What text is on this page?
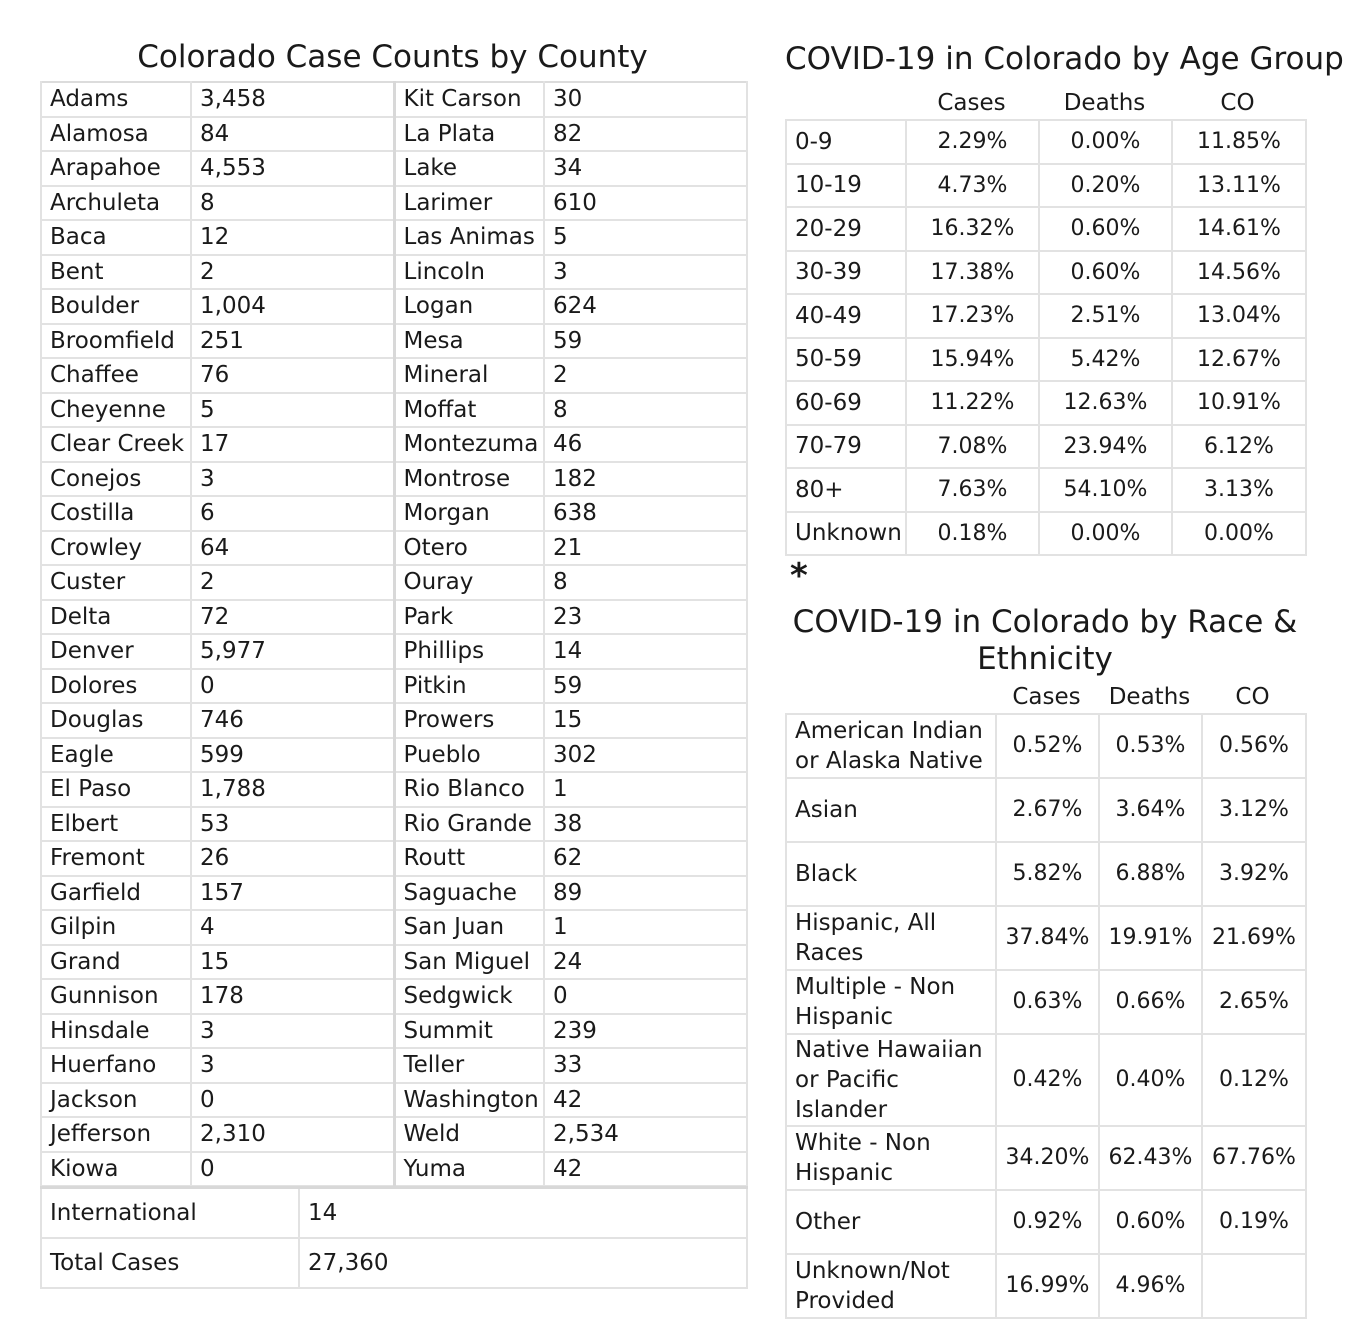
Colorado Case Counts by County
Adams	3,458	Kit Carson	30
Alamosa	84	La Plata	82
Arapahoe	4,553	Lake	34
Archuleta	8	Larimer	610
Baca	12	Las Animas	5
Bent	2	Lincoln	3
Boulder	1,004	Logan	624
Broomfield	251	Mesa	59
Chaffee	76	Mineral	2
Cheyenne	5	Moffat	8
Clear Creek	17	Montezuma	46
Conejos	3	Montrose	182
Costilla	6	Morgan	638
Crowley	64	Otero	21
Custer	2	Ouray	8
Delta	72	Park	23
Denver	5,977	Phillips	14
Dolores	0	Pitkin	59
Douglas	746	Prowers	15
Eagle	599	Pueblo	302
El Paso	1,788	Rio Blanco	1
Elbert	53	Rio Grande	38
Fremont	26	Routt	62
Garfield	157	Saguache	89
Gilpin	4	San Juan	1
Grand	15	San Miguel	24
Gunnison	178	Sedgwick	0
Hinsdale	3	Summit	239
Huerfano	3	Teller	33
Jackson	0	Washington	42
Jefferson	2,310	Weld	2,534
Kiowa	0	Yuma	42
International	14
Total Cases	27,360
COVID-19 in Colorado by Age Group
Cases	Deaths	CO
0-9	2.29%	0.00%	11.85%
10-19	4.73%	0.20%	13.11%
20-29	16.32%	0.60%	14.61%
30-39	17.38%	0.60%	14.56%
40-49	17.23%	2.51%	13.04%
50-59	15.94%	5.42%	12.67%
60-69	11.22%	12.63%	10.91%
70-79	7.08%	23.94%	6.12%
80+	7.63%	54.10%	3.13%
Unknown	0.18%	0.00%	0.00%
*
COVID-19 in Colorado by Race &
Ethnicity
Cases	Deaths	CO
American Indian or Alaska Native	0.52%	0.53%	0.56%
Asian	2.67%	3.64%	3.12%
Black	5.82%	6.88%	3.92%
Hispanic, All Races	37.84%	19.91%	21.69%
Multiple - Non Hispanic	0.63%	0.66%	2.65%
Native Hawaiian or Pacific Islander	0.42%	0.40%	0.12%
White - Non Hispanic	34.20%	62.43%	67.76%
Other	0.92%	0.60%	0.19%
Unknown/Not Provided	16.99%	4.96%	
